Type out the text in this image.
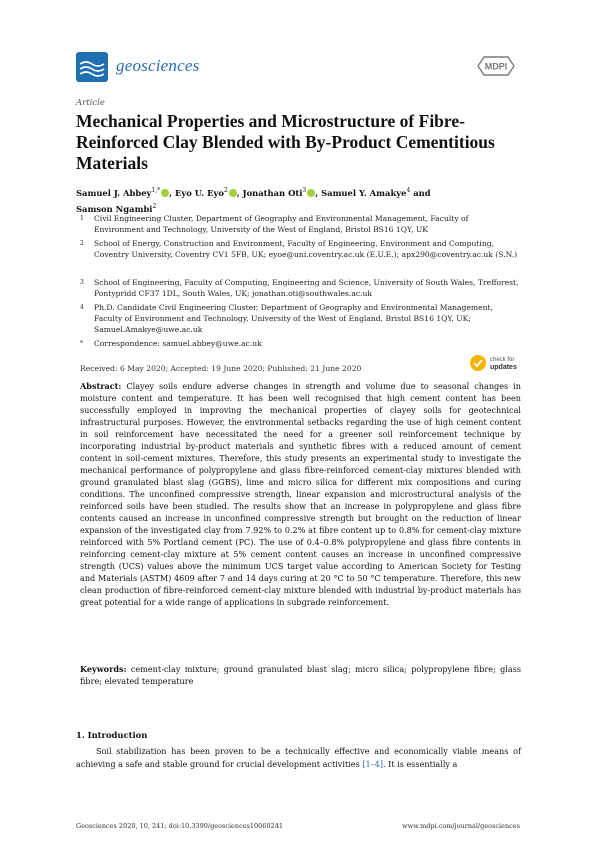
geosciences	MDPI
Article
Mechanical Properties and Microstructure of Fibre-Reinforced Clay Blended with By-Product Cementitious Materials
Samuel J. Abbey$^{1,*}$ , Eyo U. Eyo$^2$ , Jonathan Oti$^3$ , Samuel Y. Amakye$^4$ and
Samson Ngambi$^2$
1 Civil Engineering Cluster, Department of Geography and Environmental Management, Faculty of Environment and Technology, University of the West of England, Bristol BS16 1QY, UK
2 School of Energy, Construction and Environment, Faculty of Engineering, Environment and Computing, Coventry University, Coventry CV1 5FB, UK; eyoe@uni.coventry.ac.uk (E.U.E.); apx290@coventry.ac.uk (S.N.)
3 School of Engineering, Faculty of Computing, Engineering and Science, University of South Wales, Trefforest, Pontypridd CF37 1DL, South Wales, UK; jonathan.oti@southwales.ac.uk
4 Ph.D. Candidate Civil Engineering Cluster, Department of Geography and Environmental Management, Faculty of Environment and Technology, University of the West of England, Bristol BS16 1QY, UK; Samuel.Amakye@uwe.ac.uk
* Correspondence: samuel.abbey@uwe.ac.uk
Received: 6 May 2020; Accepted: 19 June 2020; Published: 21 June 2020
check for
updates
Abstract: Clayey soils endure adverse changes in strength and volume due to seasonal changes in moisture content and temperature. It has been well recognised that high cement content has been successfully employed in improving the mechanical properties of clayey soils for geotechnical infrastructural purposes. However, the environmental setbacks regarding the use of high cement content in soil reinforcement have necessitated the need for a greener soil reinforcement technique by incorporating industrial by-product materials and synthetic fibres with a reduced amount of cement content in soil-cement mixtures. Therefore, this study presents an experimental study to investigate the mechanical performance of polypropylene and glass fibre-reinforced cement-clay mixtures blended with ground granulated blast slag (GGBS), lime and micro silica for different mix compositions and curing conditions. The unconfined compressive strength, linear expansion and microstructural analysis of the reinforced soils have been studied. The results show that an increase in polypropylene and glass fibre contents caused an increase in unconfined compressive strength but brought on the reduction of linear expansion of the investigated clay from 7.92% to 0.2% at fibre content up to 0.8% for cement-clay mixture reinforced with 5% Portland cement (PC). The use of 0.4–0.8% polypropylene and glass fibre contents in reinforcing cement-clay mixture at 5% cement content causes an increase in unconfined compressive strength (UCS) values above the minimum UCS target value according to American Society for Testing and Materials (ASTM) 4609 after 7 and 14 days curing at 20 °C to 50 °C temperature. Therefore, this new clean production of fibre-reinforced cement-clay mixture blended with industrial by-product materials has great potential for a wide range of applications in subgrade reinforcement.
Keywords: cement-clay mixture; ground granulated blast slag; micro silica; polypropylene fibre; glass fibre; elevated temperature
1. Introduction
Soil stabilization has been proven to be a technically effective and economically viable means of achieving a safe and stable ground for crucial development activities [1–4]. It is essentially a
Geosciences 2020, 10, 241; doi:10.3390/geosciences10060241	www.mdpi.com/journal/geosciences
